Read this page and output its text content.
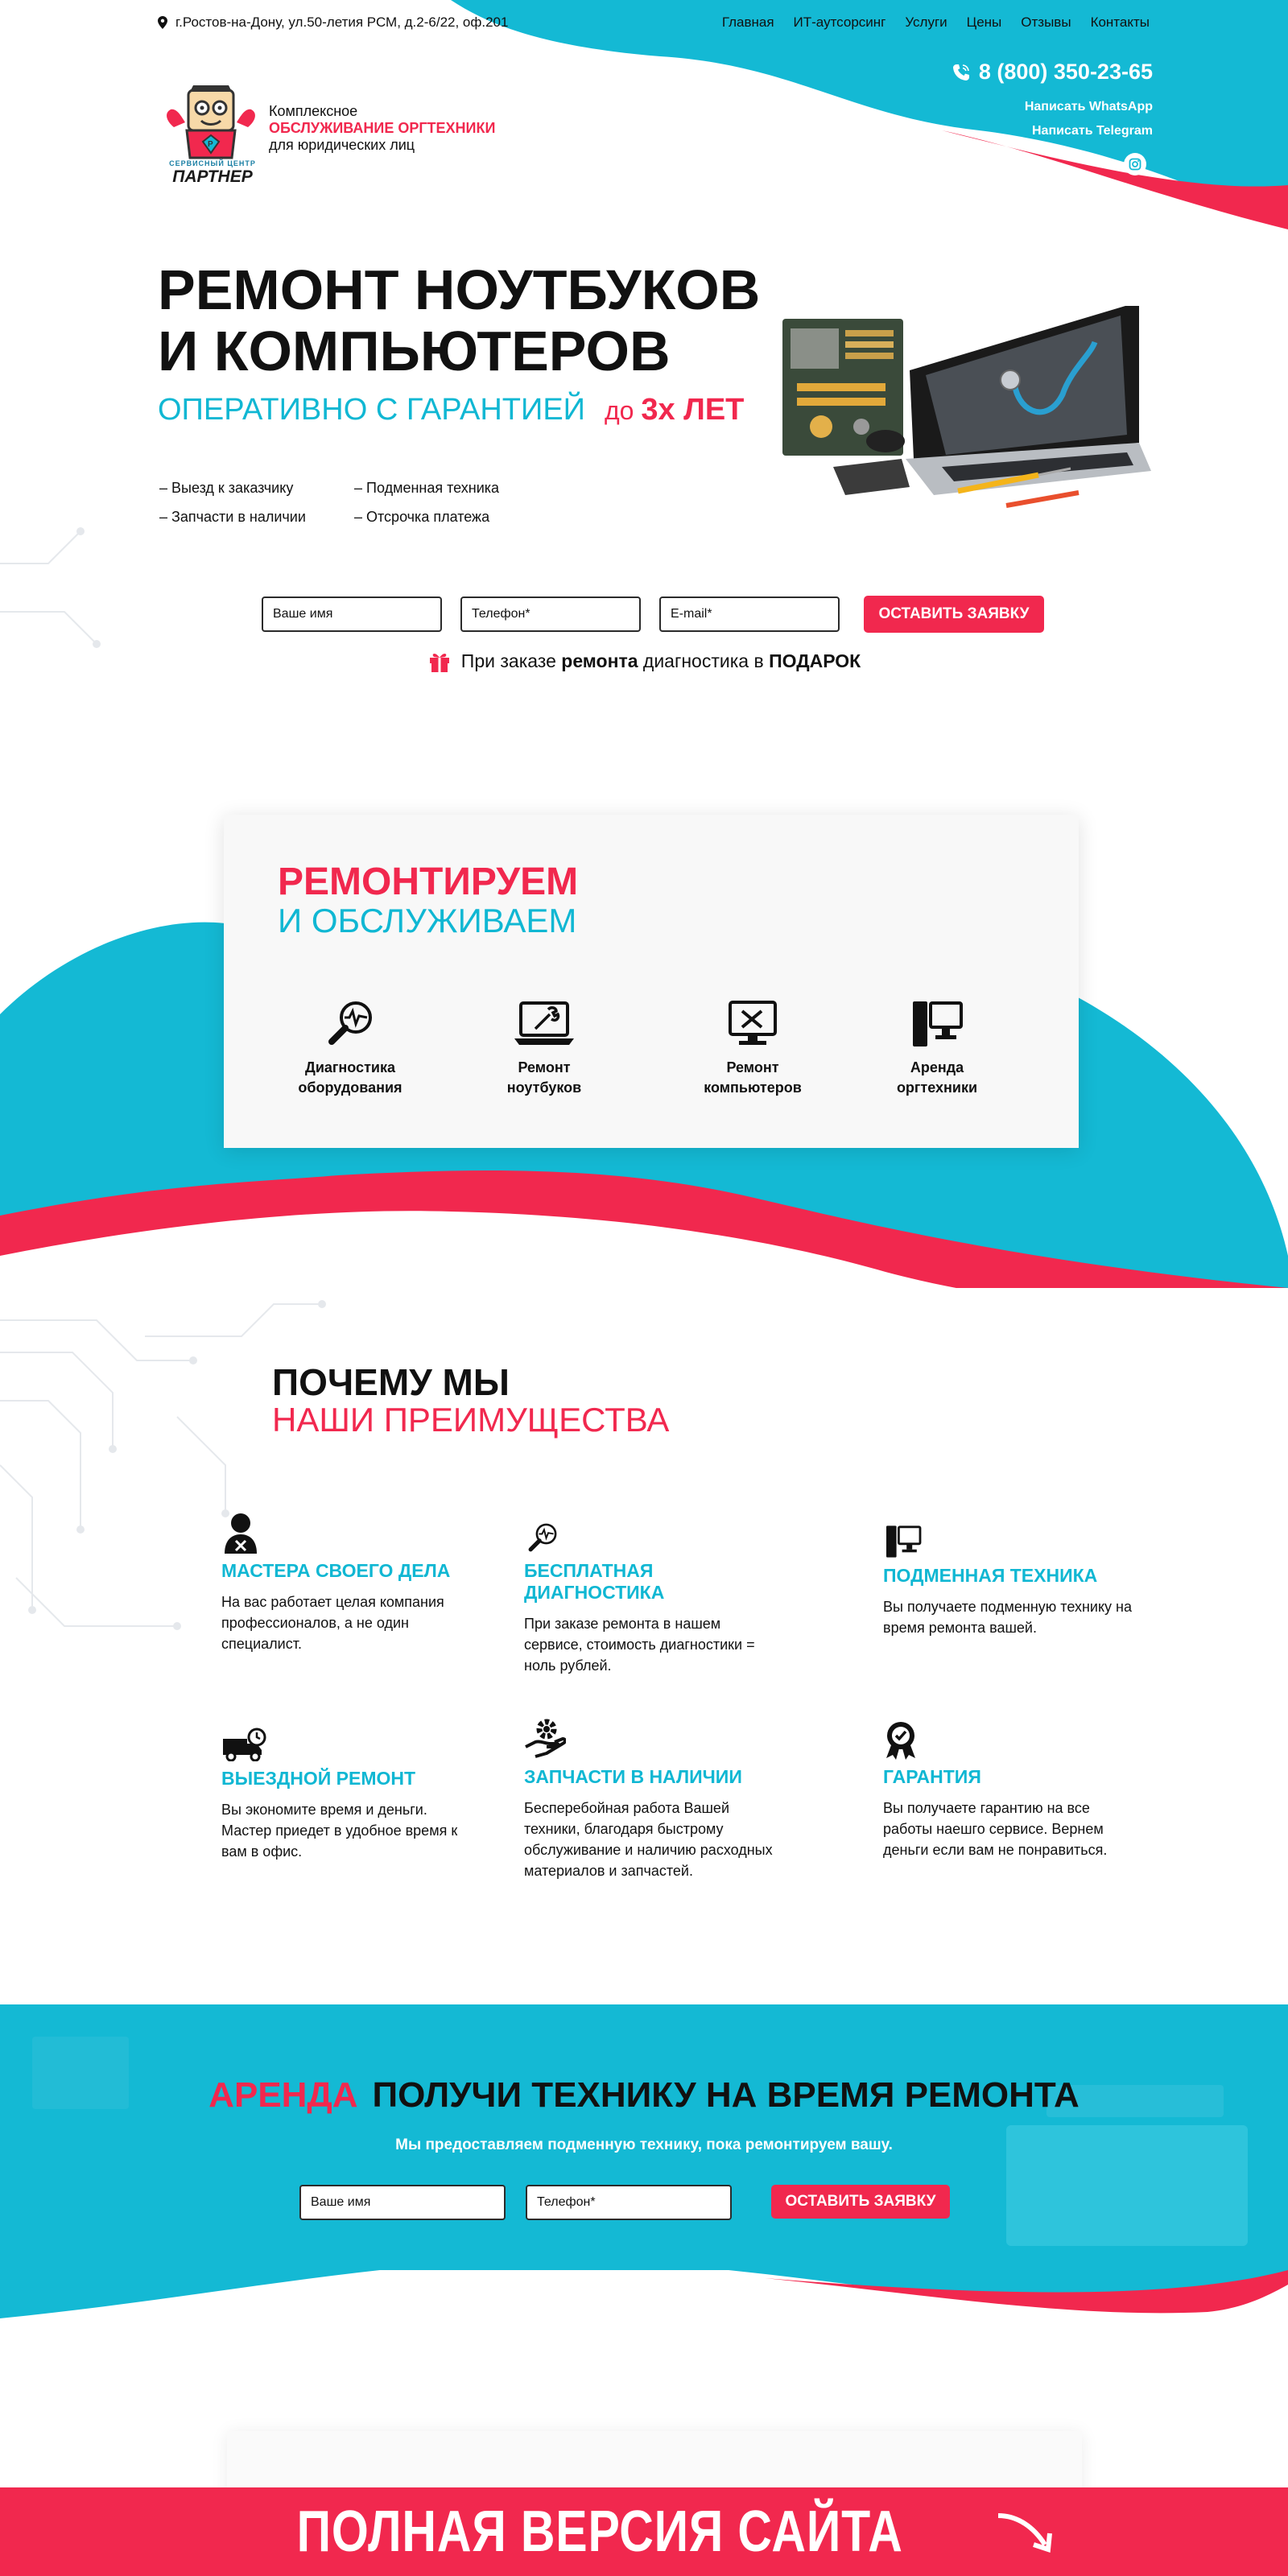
г.Ростов-на-Дону, ул.50-летия РСМ, д.2-6/22, оф.201	Главная ИТ-аутсорсинг Услуги Цены Отзывы Контакты
8 (800) 350-23-65
Написать WhatsApp
Написать Telegram
P
СЕРВИСНЫЙ ЦЕНТР
ПАРТНЕР
Комплексное
ОБСЛУЖИВАНИЕ ОРГТЕХНИКИ
для юридических лиц
РЕМОНТ НОУТБУКОВ
И КОМПЬЮТЕРОВ
ОПЕРАТИВНО С ГАРАНТИЕЙ до 3х ЛЕТ
– Выезд к заказчику
– Запчасти в наличии
– Подменная техника
– Отсрочка платежа
Ваше имя
Телефон*
E-mail*
ОСТАВИТЬ ЗАЯВКУ
При заказе ремонта диагностика в ПОДАРОК
РЕМОНТИРУЕМ
И ОБСЛУЖИВАЕМ
Диагностика
оборудования
Ремонт
ноутбуков
Ремонт
компьютеров
Аренда
оргтехники
ПОЧЕМУ МЫ
НАШИ ПРЕИМУЩЕСТВА
МАСТЕРА СВОЕГО ДЕЛА
На вас работает целая компания профессионалов, а не один специалист.
БЕСПЛАТНАЯ ДИАГНОСТИКА
При заказе ремонта в нашем сервисе, стоимость диагностики = ноль рублей.
ПОДМЕННАЯ ТЕХНИКА
Вы получаете подменную технику на время ремонта вашей.
ВЫЕЗДНОЙ РЕМОНТ
Вы экономите время и деньги. Мастер приедет в удобное время к вам в офис.
ЗАПЧАСТИ В НАЛИЧИИ
Бесперебойная работа Вашей техники, благодаря быстрому обслуживание и наличию расходных материалов и запчастей.
ГАРАНТИЯ
Вы получаете гарантию на все работы наешго сервисе. Вернем деньги если вам не понравиться.
АРЕНДА ПОЛУЧИ ТЕХНИКУ НА ВРЕМЯ РЕМОНТА
Мы предоставляем подменную технику, пока ремонтируем вашу.
Ваше имя
Телефон*
ОСТАВИТЬ ЗАЯВКУ
ПОЛНАЯ ВЕРСИЯ САЙТА
